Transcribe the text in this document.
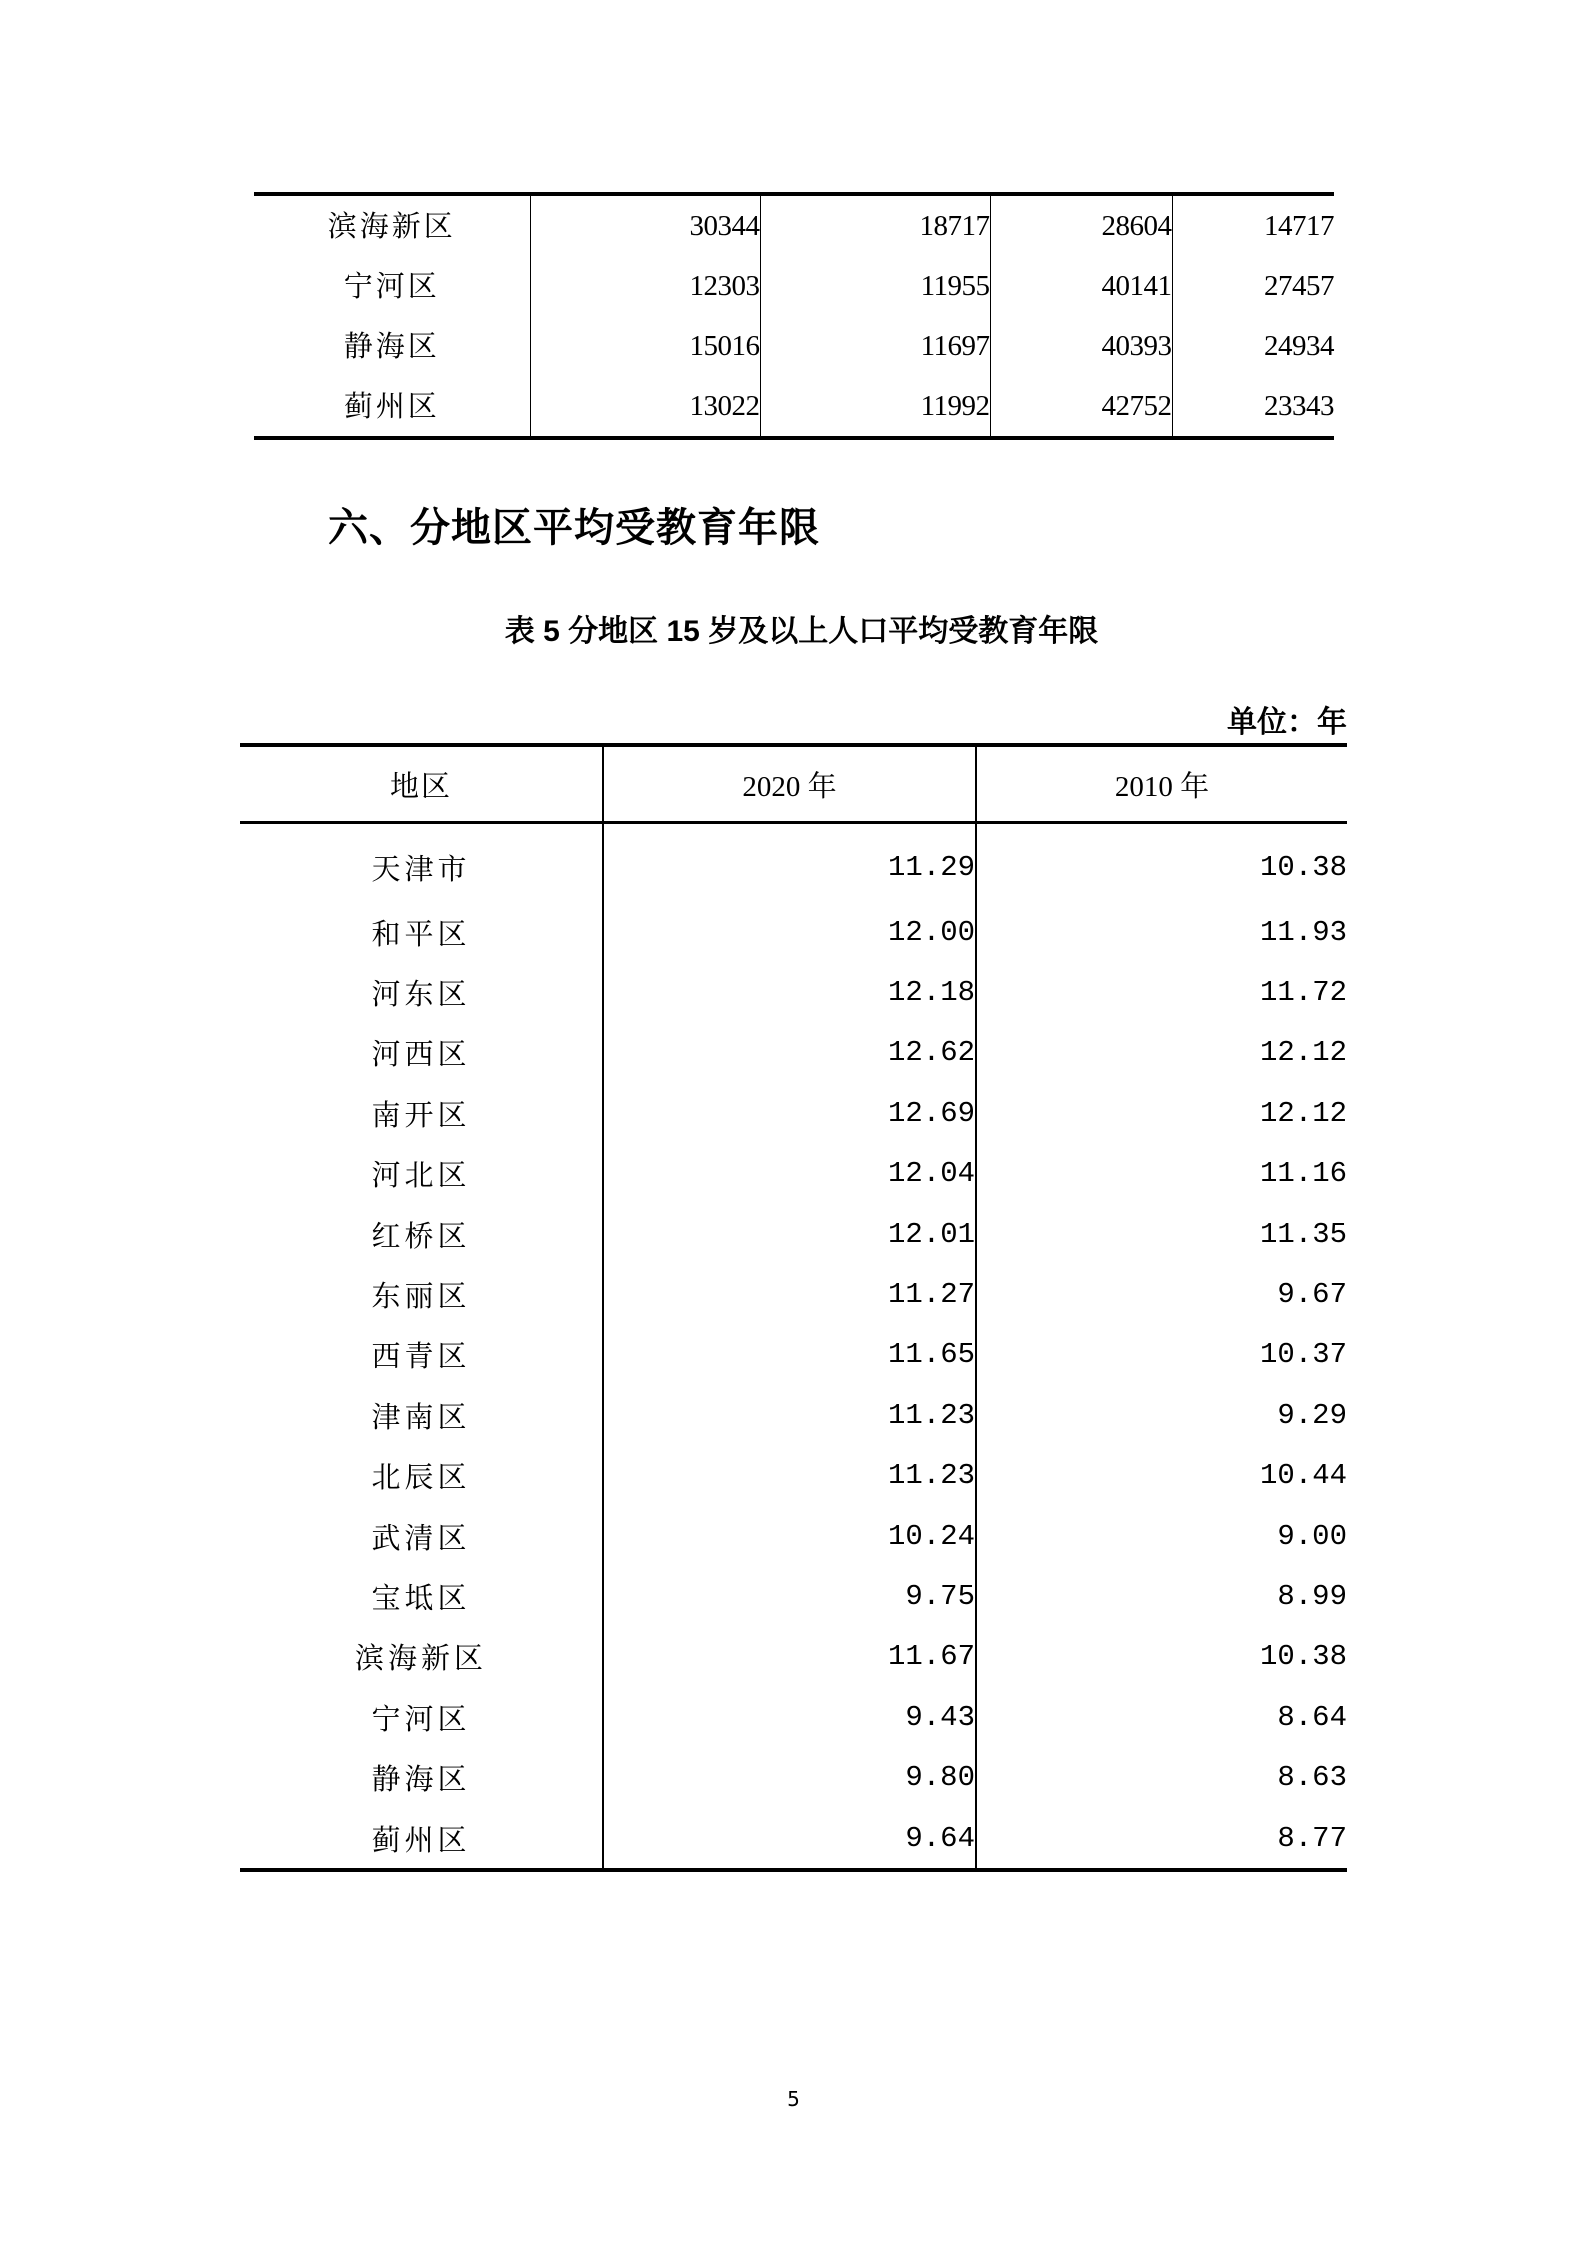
滨海新区	30344	18717	28604	14717
宁河区	12303	11955	40141	27457
静海区	15016	11697	40393	24934
蓟州区	13022	11992	42752	23343
六、分地区平均受教育年限
表 5 分地区 15 岁及以上人口平均受教育年限
单位：年
地区	2020 年	2010 年
天津市	11.29	10.38
和平区	12.00	11.93
河东区	12.18	11.72
河西区	12.62	12.12
南开区	12.69	12.12
河北区	12.04	11.16
红桥区	12.01	11.35
东丽区	11.27	9.67
西青区	11.65	10.37
津南区	11.23	9.29
北辰区	11.23	10.44
武清区	10.24	9.00
宝坻区	9.75	8.99
滨海新区	11.67	10.38
宁河区	9.43	8.64
静海区	9.80	8.63
蓟州区	9.64	8.77
5
